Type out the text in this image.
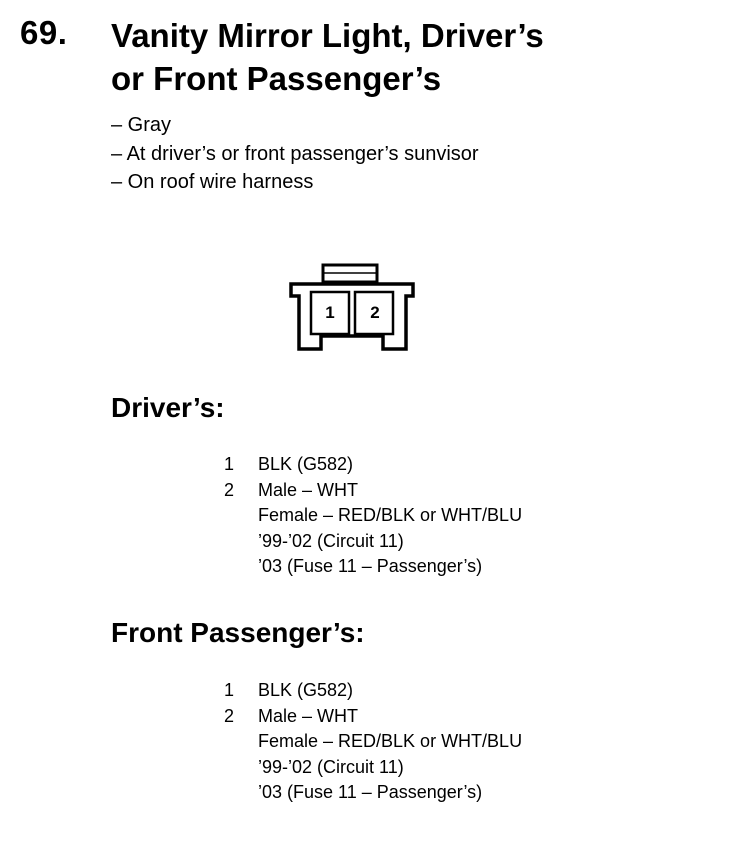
69. Vanity Mirror Light, Driver’s
or Front Passenger’s
– Gray
– At driver’s or front passenger’s sunvisor
– On roof wire harness
1 2
Driver’s:
1	BLK (G582)
2	Male – WHT
Female – RED/BLK or WHT/BLU
’99-’02 (Circuit 11)
’03 (Fuse 11 – Passenger’s)
Front Passenger’s:
1	BLK (G582)
2	Male – WHT
Female – RED/BLK or WHT/BLU
’99-’02 (Circuit 11)
’03 (Fuse 11 – Passenger’s)
